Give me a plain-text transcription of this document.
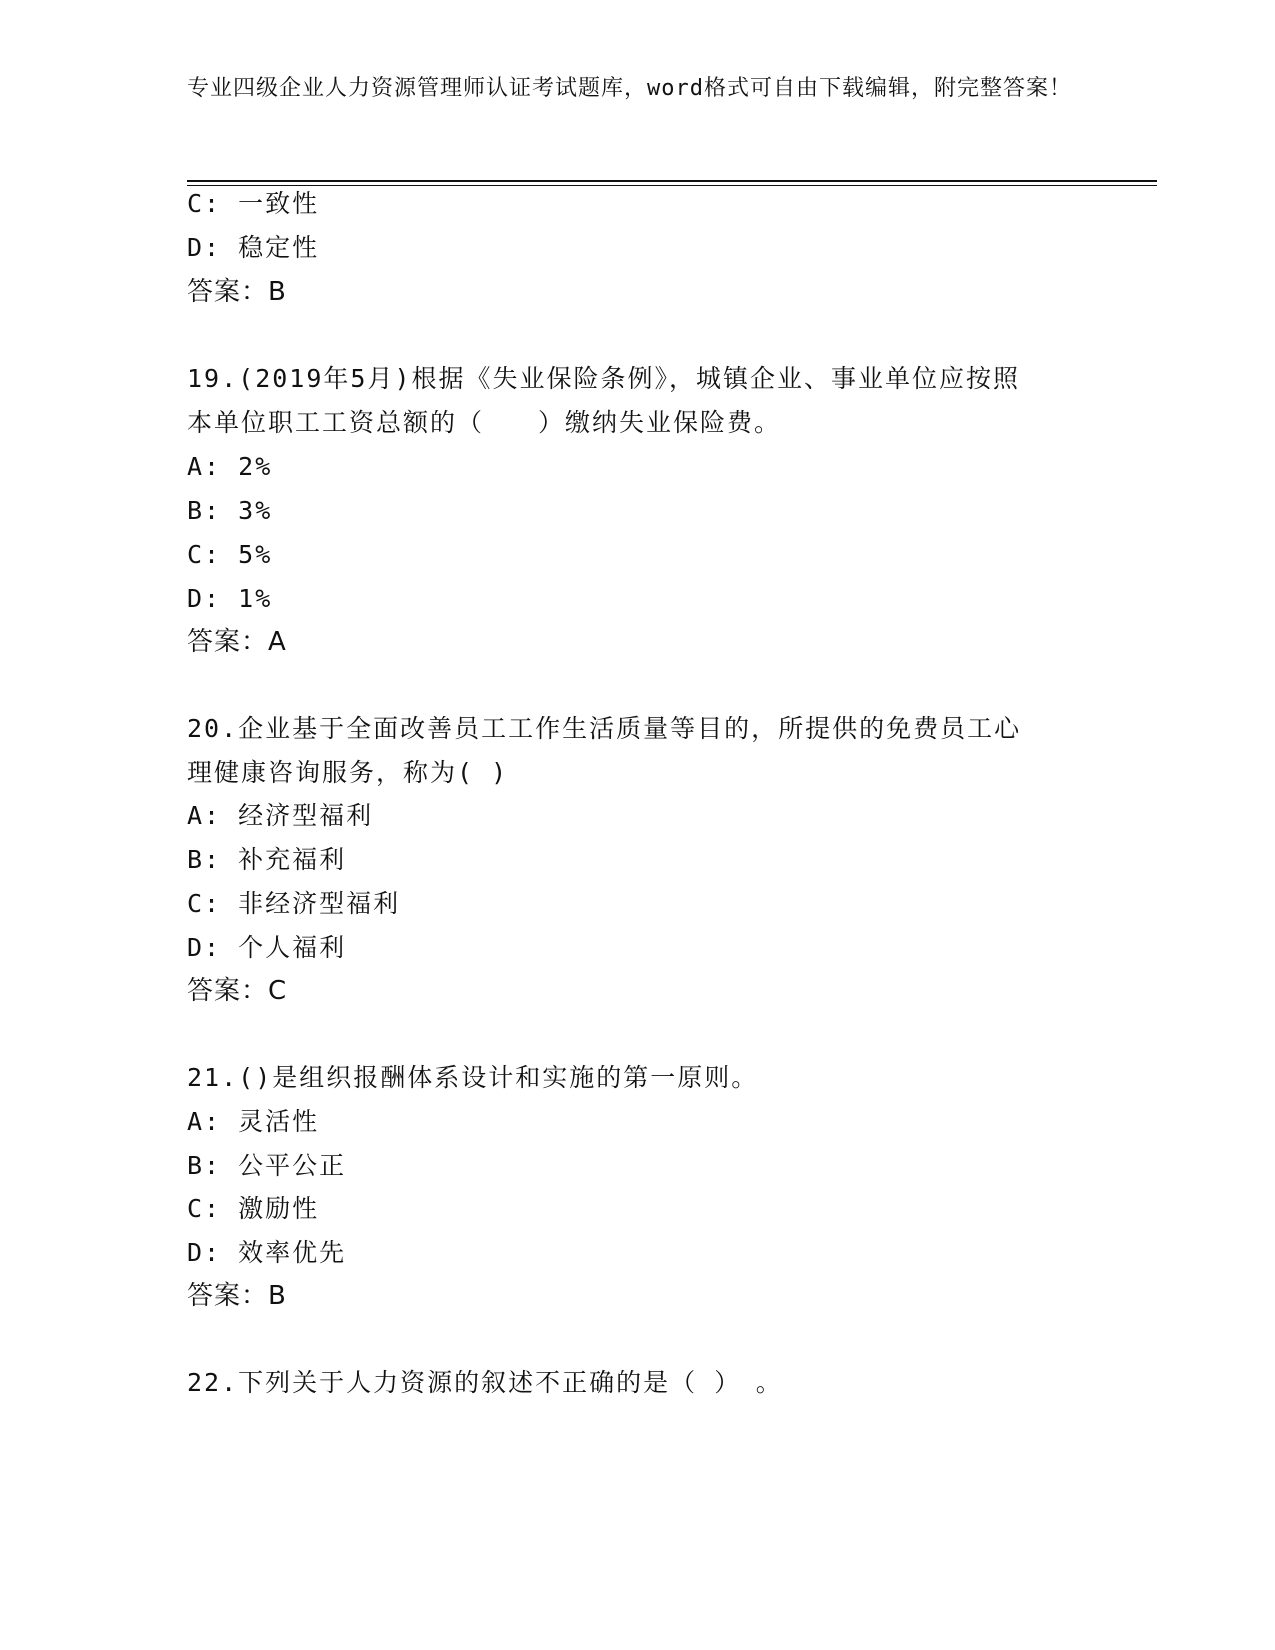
专业四级企业人力资源管理师认证考试题库，word格式可自由下载编辑，附完整答案！
C: 一致性
D: 稳定性
答案：B
19.(2019年5月)根据《失业保险条例》，城镇企业、事业单位应按照
本单位职工工资总额的（　　）缴纳失业保险费。
A: 2%
B: 3%
C: 5%
D: 1%
答案：A
20.企业基于全面改善员工工作生活质量等目的，所提供的免费员工心
理健康咨询服务，称为( )
A: 经济型福利
B: 补充福利
C: 非经济型福利
D: 个人福利
答案：C
21.()是组织报酬体系设计和实施的第一原则。
A: 灵活性
B: 公平公正
C: 激励性
D: 效率优先
答案：B
22.下列关于人力资源的叙述不正确的是（ ）　。
